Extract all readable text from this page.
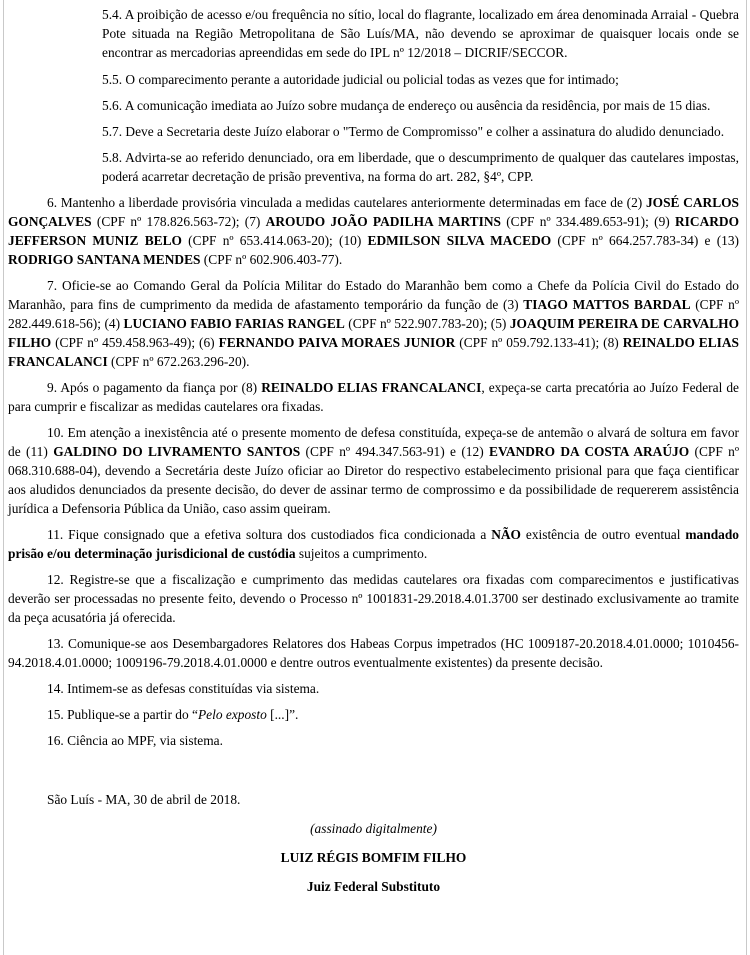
5.4. A proibição de acesso e/ou frequência no sítio, local do flagrante, localizado em área denominada Arraial - Quebra Pote situada na Região Metropolitana de São Luís/MA, não devendo se aproximar de quaisquer locais onde se encontrar as mercadorias apreendidas em sede do IPL nº 12/2018 – DICRIF/SECCOR.
5.5. O comparecimento perante a autoridade judicial ou policial todas as vezes que for intimado;
5.6. A comunicação imediata ao Juízo sobre mudança de endereço ou ausência da residência, por mais de 15 dias.
5.7. Deve a Secretaria deste Juízo elaborar o "Termo de Compromisso" e colher a assinatura do aludido denunciado.
5.8. Advirta-se ao referido denunciado, ora em liberdade, que o descumprimento de qualquer das cautelares impostas, poderá acarretar decretação de prisão preventiva, na forma do art. 282, §4º, CPP.

6. Mantenho a liberdade provisória vinculada a medidas cautelares anteriormente determinadas em face de (2) JOSÉ CARLOS GONÇALVES (CPF nº 178.826.563-72); (7) AROUDO JOÃO PADILHA MARTINS (CPF nº 334.489.653-91); (9) RICARDO JEFFERSON MUNIZ BELO (CPF nº 653.414.063-20); (10) EDMILSON SILVA MACEDO (CPF nº 664.257.783-34) e (13) RODRIGO SANTANA MENDES (CPF nº 602.906.403-77).

7. Oficie-se ao Comando Geral da Polícia Militar do Estado do Maranhão bem como a Chefe da Polícia Civil do Estado do Maranhão, para fins de cumprimento da medida de afastamento temporário da função de (3) TIAGO MATTOS BARDAL (CPF nº 282.449.618-56); (4) LUCIANO FABIO FARIAS RANGEL (CPF nº 522.907.783-20); (5) JOAQUIM PEREIRA DE CARVALHO FILHO (CPF nº 459.458.963-49); (6) FERNANDO PAIVA MORAES JUNIOR (CPF nº 059.792.133-41); (8) REINALDO ELIAS FRANCALANCI (CPF nº 672.263.296-20).

9. Após o pagamento da fiança por (8) REINALDO ELIAS FRANCALANCI, expeça-se carta precatória ao Juízo Federal de para cumprir e fiscalizar as medidas cautelares ora fixadas.

10. Em atenção a inexistência até o presente momento de defesa constituída, expeça-se de antemão o alvará de soltura em favor de (11) GALDINO DO LIVRAMENTO SANTOS (CPF nº 494.347.563-91) e (12) EVANDRO DA COSTA ARAÚJO (CPF nº 068.310.688-04), devendo a Secretária deste Juízo oficiar ao Diretor do respectivo estabelecimento prisional para que faça cientificar aos aludidos denunciados da presente decisão, do dever de assinar termo de comprossimo e da possibilidade de requererem assistência jurídica a Defensoria Pública da União, caso assim queiram.

11. Fique consignado que a efetiva soltura dos custodiados fica condicionada a NÃO existência de outro eventual mandado prisão e/ou determinação jurisdicional de custódia sujeitos a cumprimento.

12. Registre-se que a fiscalização e cumprimento das medidas cautelares ora fixadas com comparecimentos e justificativas deverão ser processadas no presente feito, devendo o Processo nº 1001831-29.2018.4.01.3700 ser destinado exclusivamente ao tramite da peça acusatória já oferecida.

13. Comunique-se aos Desembargadores Relatores dos Habeas Corpus impetrados (HC 1009187-20.2018.4.01.0000; 1010456-94.2018.4.01.0000; 1009196-79.2018.4.01.0000 e dentre outros eventualmente existentes) da presente decisão.

14. Intimem-se as defesas constituídas via sistema.

15. Publique-se a partir do “Pelo exposto [...]”.

16. Ciência ao MPF, via sistema.

São Luís - MA, 30 de abril de 2018.
(assinado digitalmente)
LUIZ RÉGIS BOMFIM FILHO
Juiz Federal Substituto
